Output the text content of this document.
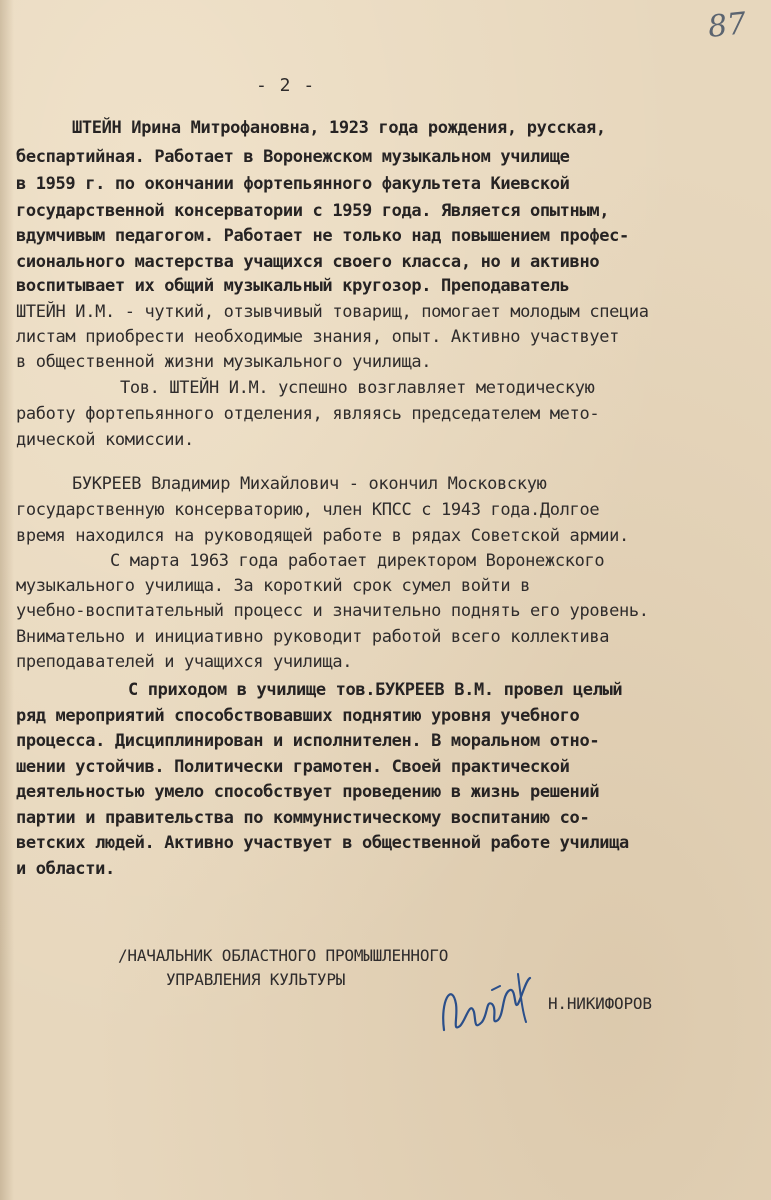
87
- 2 -
ШТЕЙН Ирина Митрофановна, 1923 года рождения, русская,
беспартийная. Работает в Воронежском музыкальном училище
в 1959 г. по окончании фортепьянного факультета Киевской
государственной консерватории с 1959 года. Является опытным,
вдумчивым педагогом. Работает не только над повышением профес-
сионального мастерства учащихся своего класса, но и активно
воспитывает их общий музыкальный кругозор. Преподаватель
ШТЕЙН И.М. - чуткий, отзывчивый товарищ, помогает молодым специа
листам приобрести необходимые знания, опыт. Активно участвует
в общественной жизни музыкального училища.
Тов. ШТЕЙН И.М. успешно возглавляет методическую
работу фортепьянного отделения, являясь председателем мето-
дической комиссии.
БУКРЕЕВ Владимир Михайлович - окончил Московскую
государственную консерваторию, член КПСС с 1943 года.Долгое
время находился на руководящей работе в рядах Советской армии.
С марта 1963 года работает директором Воронежского
музыкального училища. За короткий срок сумел войти в
учебно-воспитательный процесс и значительно поднять его уровень.
Внимательно и инициативно руководит работой всего коллектива
преподавателей и учащихся училища.
С приходом в училище тов.БУКРЕЕВ В.М. провел целый
ряд мероприятий способствовавших поднятию уровня учебного
процесса. Дисциплинирован и исполнителен. В моральном отно-
шении устойчив. Политически грамотен. Своей практической
деятельностью умело способствует проведению в жизнь решений
партии и правительства по коммунистическому воспитанию со-
ветских людей. Активно участвует в общественной работе училища
и области.
/НАЧАЛЬНИК ОБЛАСТНОГО ПРОМЫШЛЕННОГО
УПРАВЛЕНИЯ КУЛЬТУРЫ
Н.НИКИФОРОВ
